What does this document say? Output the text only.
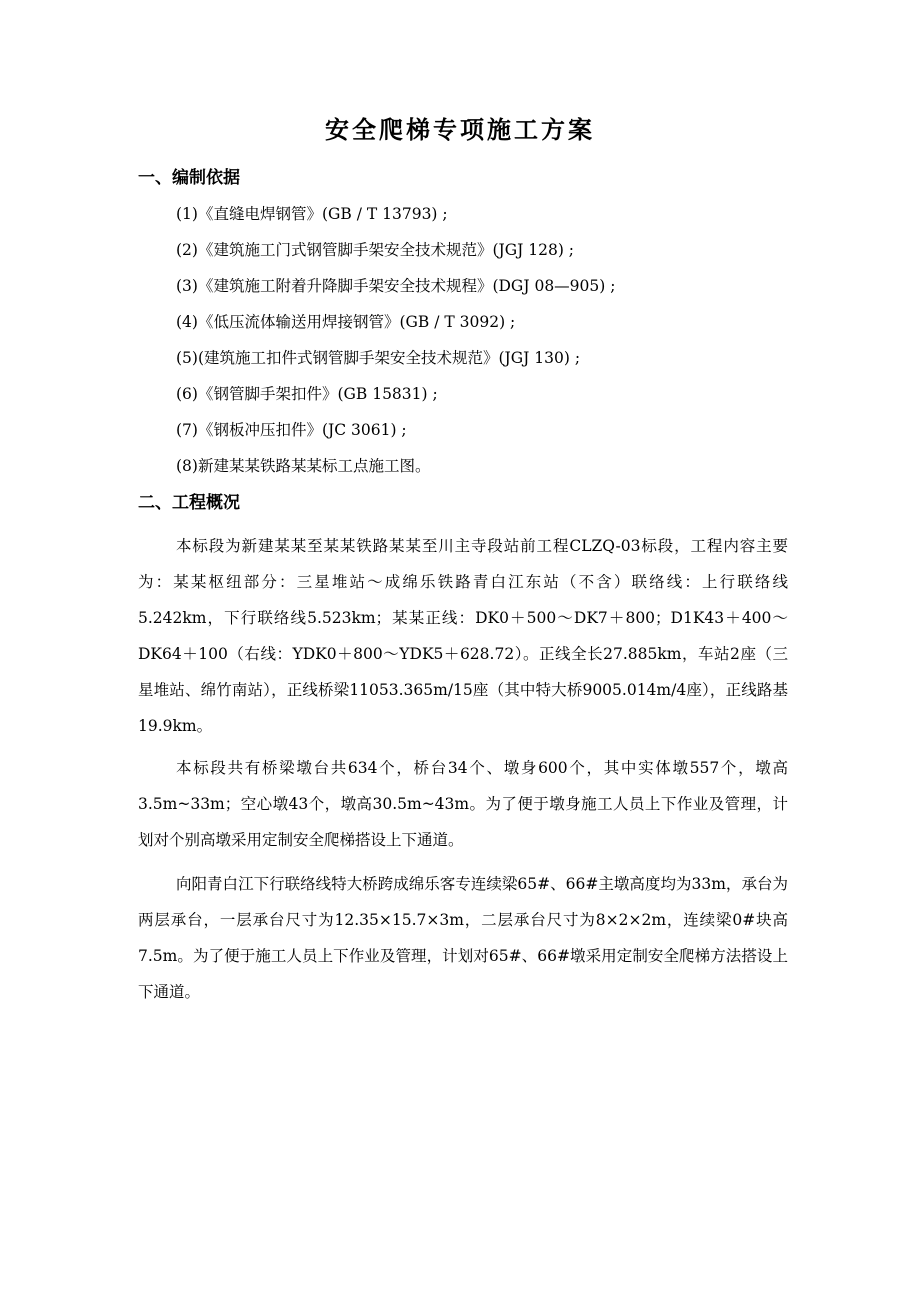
安全爬梯专项施工方案
一、编制依据
(1)《直缝电焊钢管》(GB / T 13793) ;
(2)《建筑施工门式钢管脚手架安全技术规范》(JGJ 128) ;
(3)《建筑施工附着升降脚手架安全技术规程》(DGJ 08—905) ;
(4)《低压流体输送用焊接钢管》(GB / T 3092) ;
(5)(建筑施工扣件式钢管脚手架安全技术规范》(JGJ 130) ;
(6)《钢管脚手架扣件》(GB 15831) ;
(7)《钢板冲压扣件》(JC 3061) ;
(8)新建某某铁路某某标工点施工图。
二、工程概况

本标段为新建某某至某某铁路某某至川主寺段站前工程CLZQ-03标段，工程内容主要为：某某枢纽部分：三星堆站～成绵乐铁路青白江东站（不含）联络线：上行联络线5.242km，下行联络线5.523km；某某正线：DK0＋500～DK7＋800；D1K43＋400～DK64＋100（右线：YDK0＋800～YDK5＋628.72）。正线全长27.885km，车站2座（三星堆站、绵竹南站），正线桥梁11053.365m/15座（其中特大桥9005.014m/4座），正线路基19.9km。

本标段共有桥梁墩台共634个，桥台34个、墩身600个，其中实体墩557个，墩高3.5m~33m；空心墩43个，墩高30.5m~43m。为了便于墩身施工人员上下作业及管理，计划对个别高墩采用定制安全爬梯搭设上下通道。

向阳青白江下行联络线特大桥跨成绵乐客专连续梁65#、66#主墩高度均为33m，承台为两层承台，一层承台尺寸为12.35×15.7×3m，二层承台尺寸为8×2×2m，连续梁0#块高7.5m。为了便于施工人员上下作业及管理，计划对65#、66#墩采用定制安全爬梯方法搭设上下通道。
